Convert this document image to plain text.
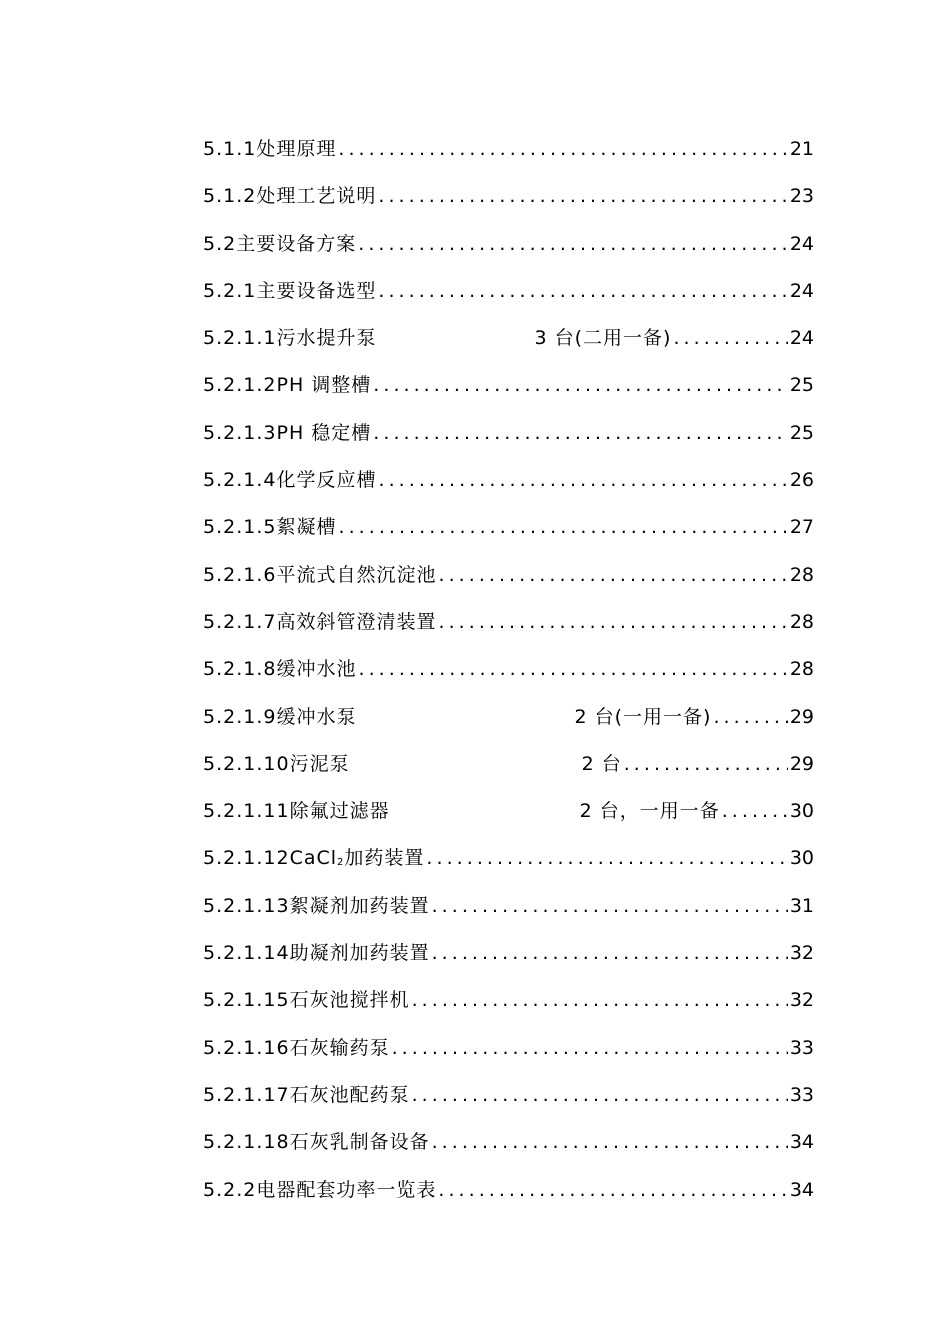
5.1.1 处理原理 . . .	21
5.1.2 处理工艺说明 . . .	23
5.2 主要设备方案 . . .	24
5.2.1 主要设备选型 . . .	24
5.2.1.1 污水提升泵	3 台(二用一备) . . .	24
5.2.1.2 PH 调整槽 . . .	25
5.2.1.3 PH 稳定槽 . . .	25
5.2.1.4 化学反应槽 . . .	26
5.2.1.5 絮凝槽 . . .	27
5.2.1.6 平流式自然沉淀池 . . .	28
5.2.1.7 高效斜管澄清装置 . . .	28
5.2.1.8 缓冲水池 . . .	28
5.2.1.9 缓冲水泵	2 台(一用一备) . . .	29
5.2.1.10 污泥泵	2 台 . . .	29
5.2.1.11 除氟过滤器	2 台，一用一备 . . .	30
5.2.1.12 CaCl$_2$加药装置 . . .	30
5.2.1.13 絮凝剂加药装置 . . .	31
5.2.1.14 助凝剂加药装置 . . .	32
5.2.1.15 石灰池搅拌机 . . .	32
5.2.1.16 石灰输药泵 . . .	33
5.2.1.17 石灰池配药泵 . . .	33
5.2.1.18 石灰乳制备设备 . . .	34
5.2.2 电器配套功率一览表 . . .	34
